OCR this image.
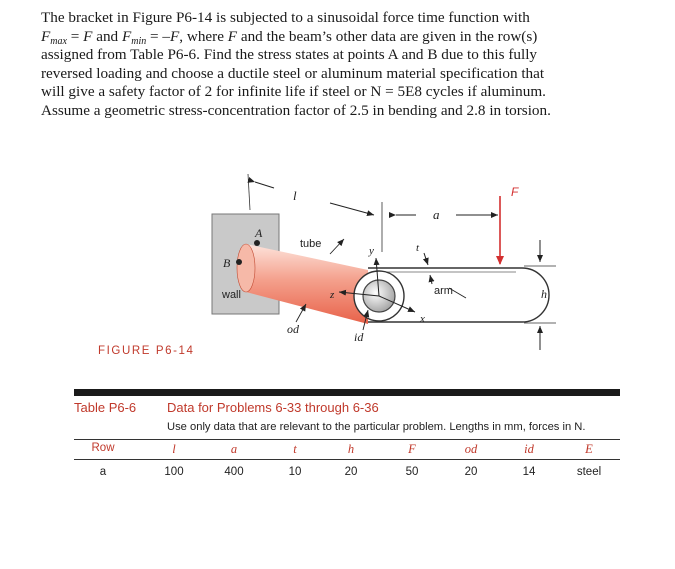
The bracket in Figure P6-14 is subjected to a sinusoidal force time function with
$F_{max} = F$ and $F_{min} = -F$, where F and the beam’s other data are given in the row(s)
assigned from Table P6-6. Find the stress states at points A and B due to this fully
reversed loading and choose a ductile steel or aluminum material specification that
will give a safety factor of 2 for infinite life if steel or N = 5E8 cycles if aluminum.
Assume a geometric stress-concentration factor of 2.5 in bending and 2.8 in torsion.
l
a
F
A
B
tube
y	t
wall	arm	h
z
x
od
id
FIGURE P6-14
Table P6-6 Data for Problems 6-33 through 6-36
Use only data that are relevant to the particular problem. Lengths in mm, forces in N.
Row	l	a	t	h	F	od	id	E
a	100	400	10	20	50	20	14	steel
